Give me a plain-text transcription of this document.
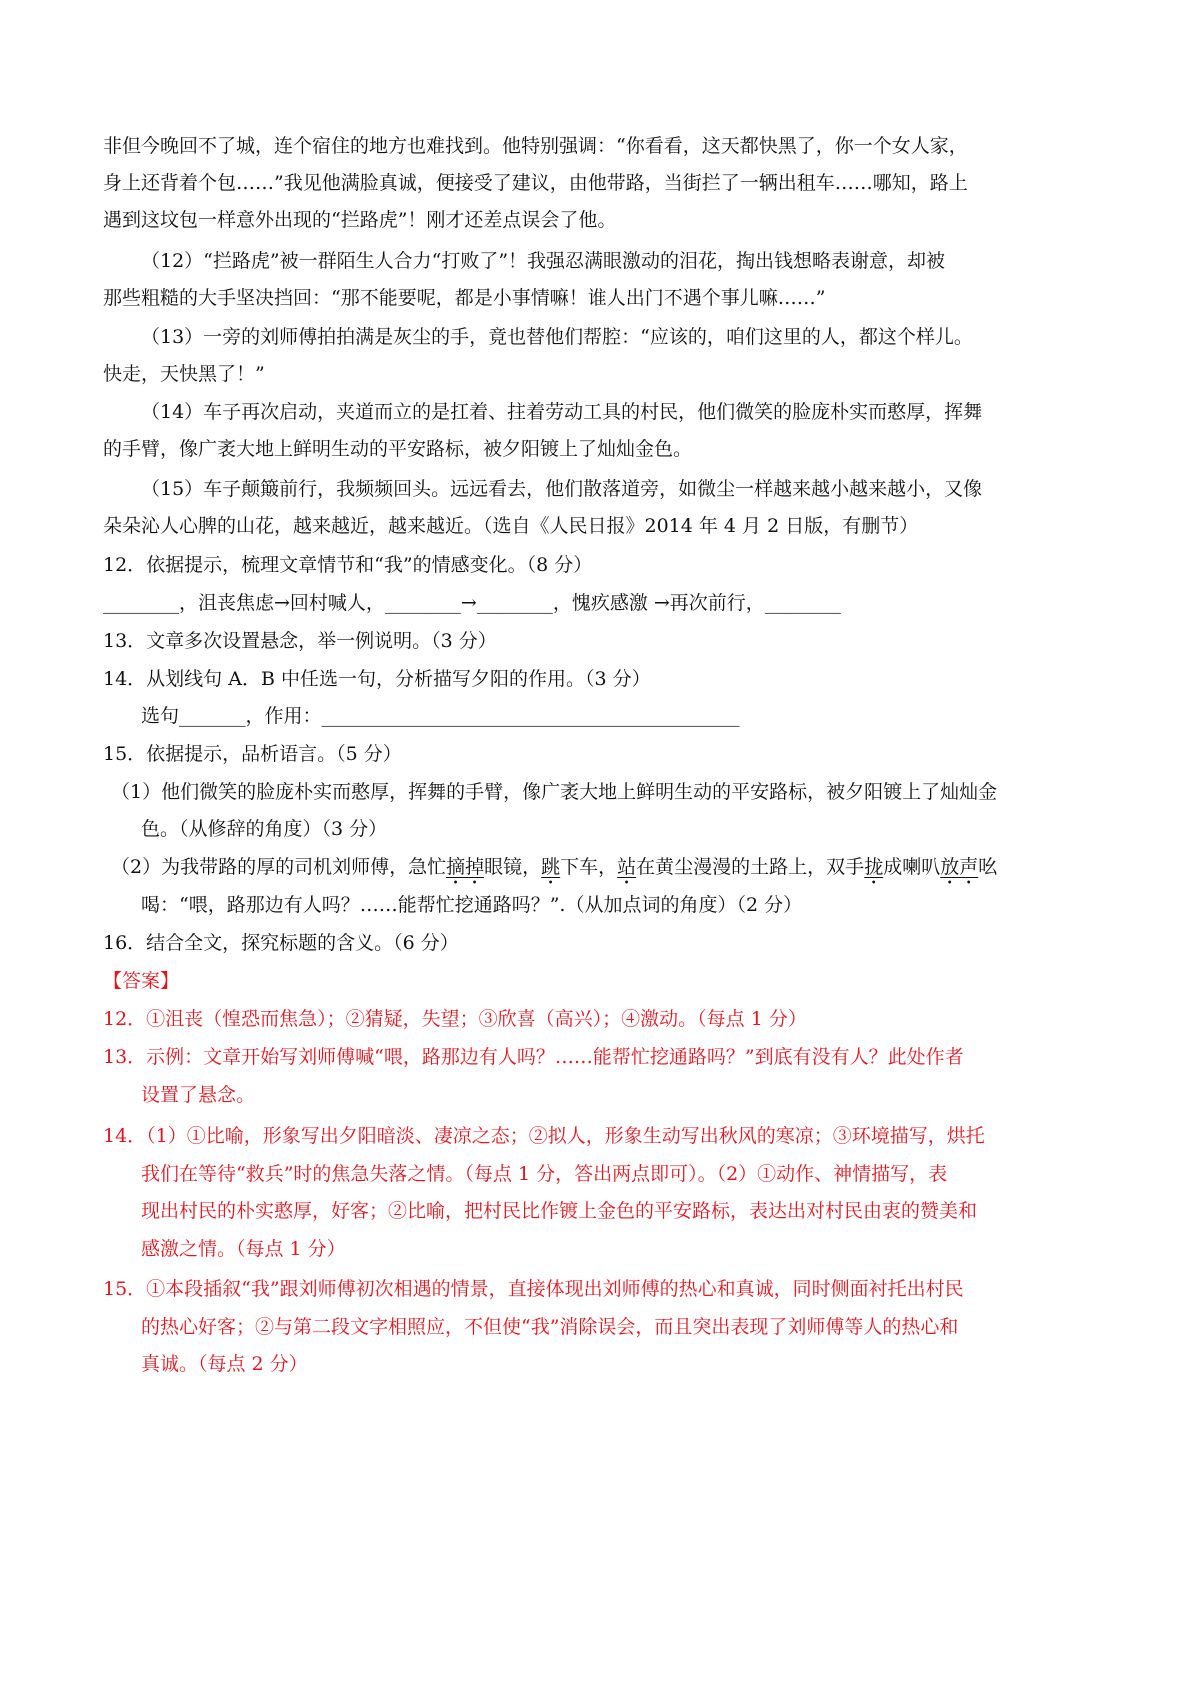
非但今晚回不了城，连个宿住的地方也难找到。他特别强调：“你看看，这天都快黑了，你一个女人家，
身上还背着个包……”我见他满脸真诚，便接受了建议，由他带路，当街拦了一辆出租车……哪知，路上
遇到这坟包一样意外出现的“拦路虎”！刚才还差点误会了他。
（12）“拦路虎”被一群陌生人合力“打败了”！我强忍满眼激动的泪花，掏出钱想略表谢意，却被
那些粗糙的大手坚决挡回：“那不能要呢，都是小事情嘛！谁人出门不遇个事儿嘛……”
（13）一旁的刘师傅拍拍满是灰尘的手，竟也替他们帮腔：“应该的，咱们这里的人，都这个样儿。
快走，天快黑了！”
（14）车子再次启动，夹道而立的是扛着、拄着劳动工具的村民，他们微笑的脸庞朴实而憨厚，挥舞
的手臂，像广袤大地上鲜明生动的平安路标，被夕阳镀上了灿灿金色。
（15）车子颠簸前行，我频频回头。远远看去，他们散落道旁，如微尘一样越来越小越来越小，又像
朵朵沁人心脾的山花，越来越近，越来越近。（选自《人民日报》2014 年 4 月 2 日版，有删节）
12．依据提示，梳理文章情节和“我”的情感变化。（8 分）
________，沮丧焦虑→回村喊人，________→________，愧疚感激 →再次前行，________
13．文章多次设置悬念，举一例说明。（3 分）
14．从划线句 A．B 中任选一句，分析描写夕阳的作用。（3 分）
选句_______，作用：____________________________________________
15．依据提示，品析语言。（5 分）
（1）他们微笑的脸庞朴实而憨厚，挥舞的手臂，像广袤大地上鲜明生动的平安路标，被夕阳镀上了灿灿金
色。（从修辞的角度）（3 分）
（2）为我带路的厚的司机刘师傅，急忙摘掉眼镜，跳下车，站在黄尘漫漫的土路上，双手拢成喇叭放声吆
喝：“喂，路那边有人吗？……能帮忙挖通路吗？”.（从加点词的角度）（2 分）
16．结合全文，探究标题的含义。（6 分）
【答案】
12．①沮丧（惶恐而焦急）；②猜疑，失望；③欣喜（高兴）；④激动。（每点 1 分）
13．示例：文章开始写刘师傅喊“喂，路那边有人吗？……能帮忙挖通路吗？”到底有没有人？此处作者
设置了悬念。
14．（1）①比喻，形象写出夕阳暗淡、凄凉之态；②拟人，形象生动写出秋风的寒凉；③环境描写，烘托
我们在等待“救兵”时的焦急失落之情。（每点 1 分，答出两点即可）。（2）①动作、神情描写，表
现出村民的朴实憨厚，好客；②比喻，把村民比作镀上金色的平安路标，表达出对村民由衷的赞美和
感激之情。（每点 1 分）
15．①本段插叙“我”跟刘师傅初次相遇的情景，直接体现出刘师傅的热心和真诚，同时侧面衬托出村民
的热心好客；②与第二段文字相照应，不但使“我”消除误会，而且突出表现了刘师傅等人的热心和
真诚。（每点 2 分）
